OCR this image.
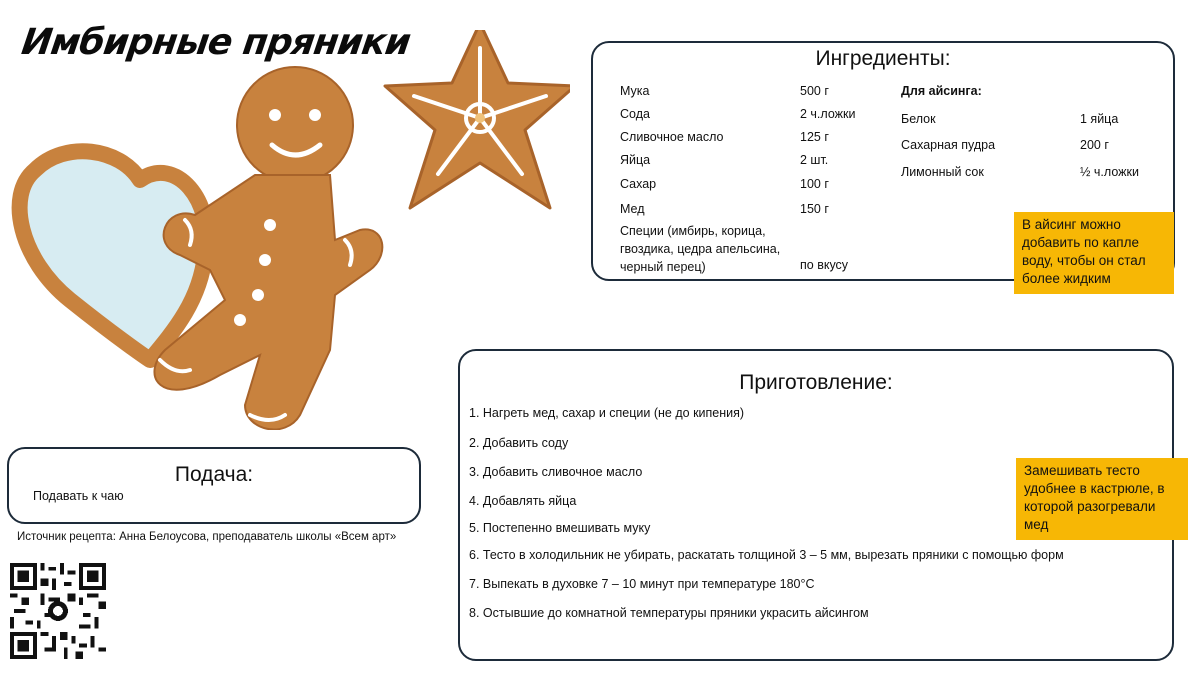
Имбирные пряники	Ингредиенты:
Мука	500 г
Сода	2 ч.ложки
Сливочное масло	125 г
Яйца	2 шт.
Сахар	100 г
Мед	150 г
Специи (имбирь, корица, гвоздика, цедра апельсина, черный перец)	по вкусу
Для айсинга:
Белок	1 яйца
Сахарная пудра	200 г
Лимонный сок	½ ч.ложки
В айсинг можно добавить по капле воду, чтобы он стал более жидким
Приготовление:
1. Нагреть мед, сахар и специи (не до кипения)
2. Добавить соду
3. Добавить сливочное масло
4. Добавлять яйца
5. Постепенно вмешивать муку
6. Тесто в холодильник не убирать, раскатать толщиной 3 – 5 мм, вырезать пряники с помощью форм
7. Выпекать в духовке 7 – 10 минут при температуре 180°C
8. Остывшие до комнатной температуры пряники украсить айсингом
Замешивать тесто удобнее в кастрюле, в которой разогревали мед
Подача:
Подавать к чаю
Источник рецепта: Анна Белоусова, преподаватель школы «Всем арт»
